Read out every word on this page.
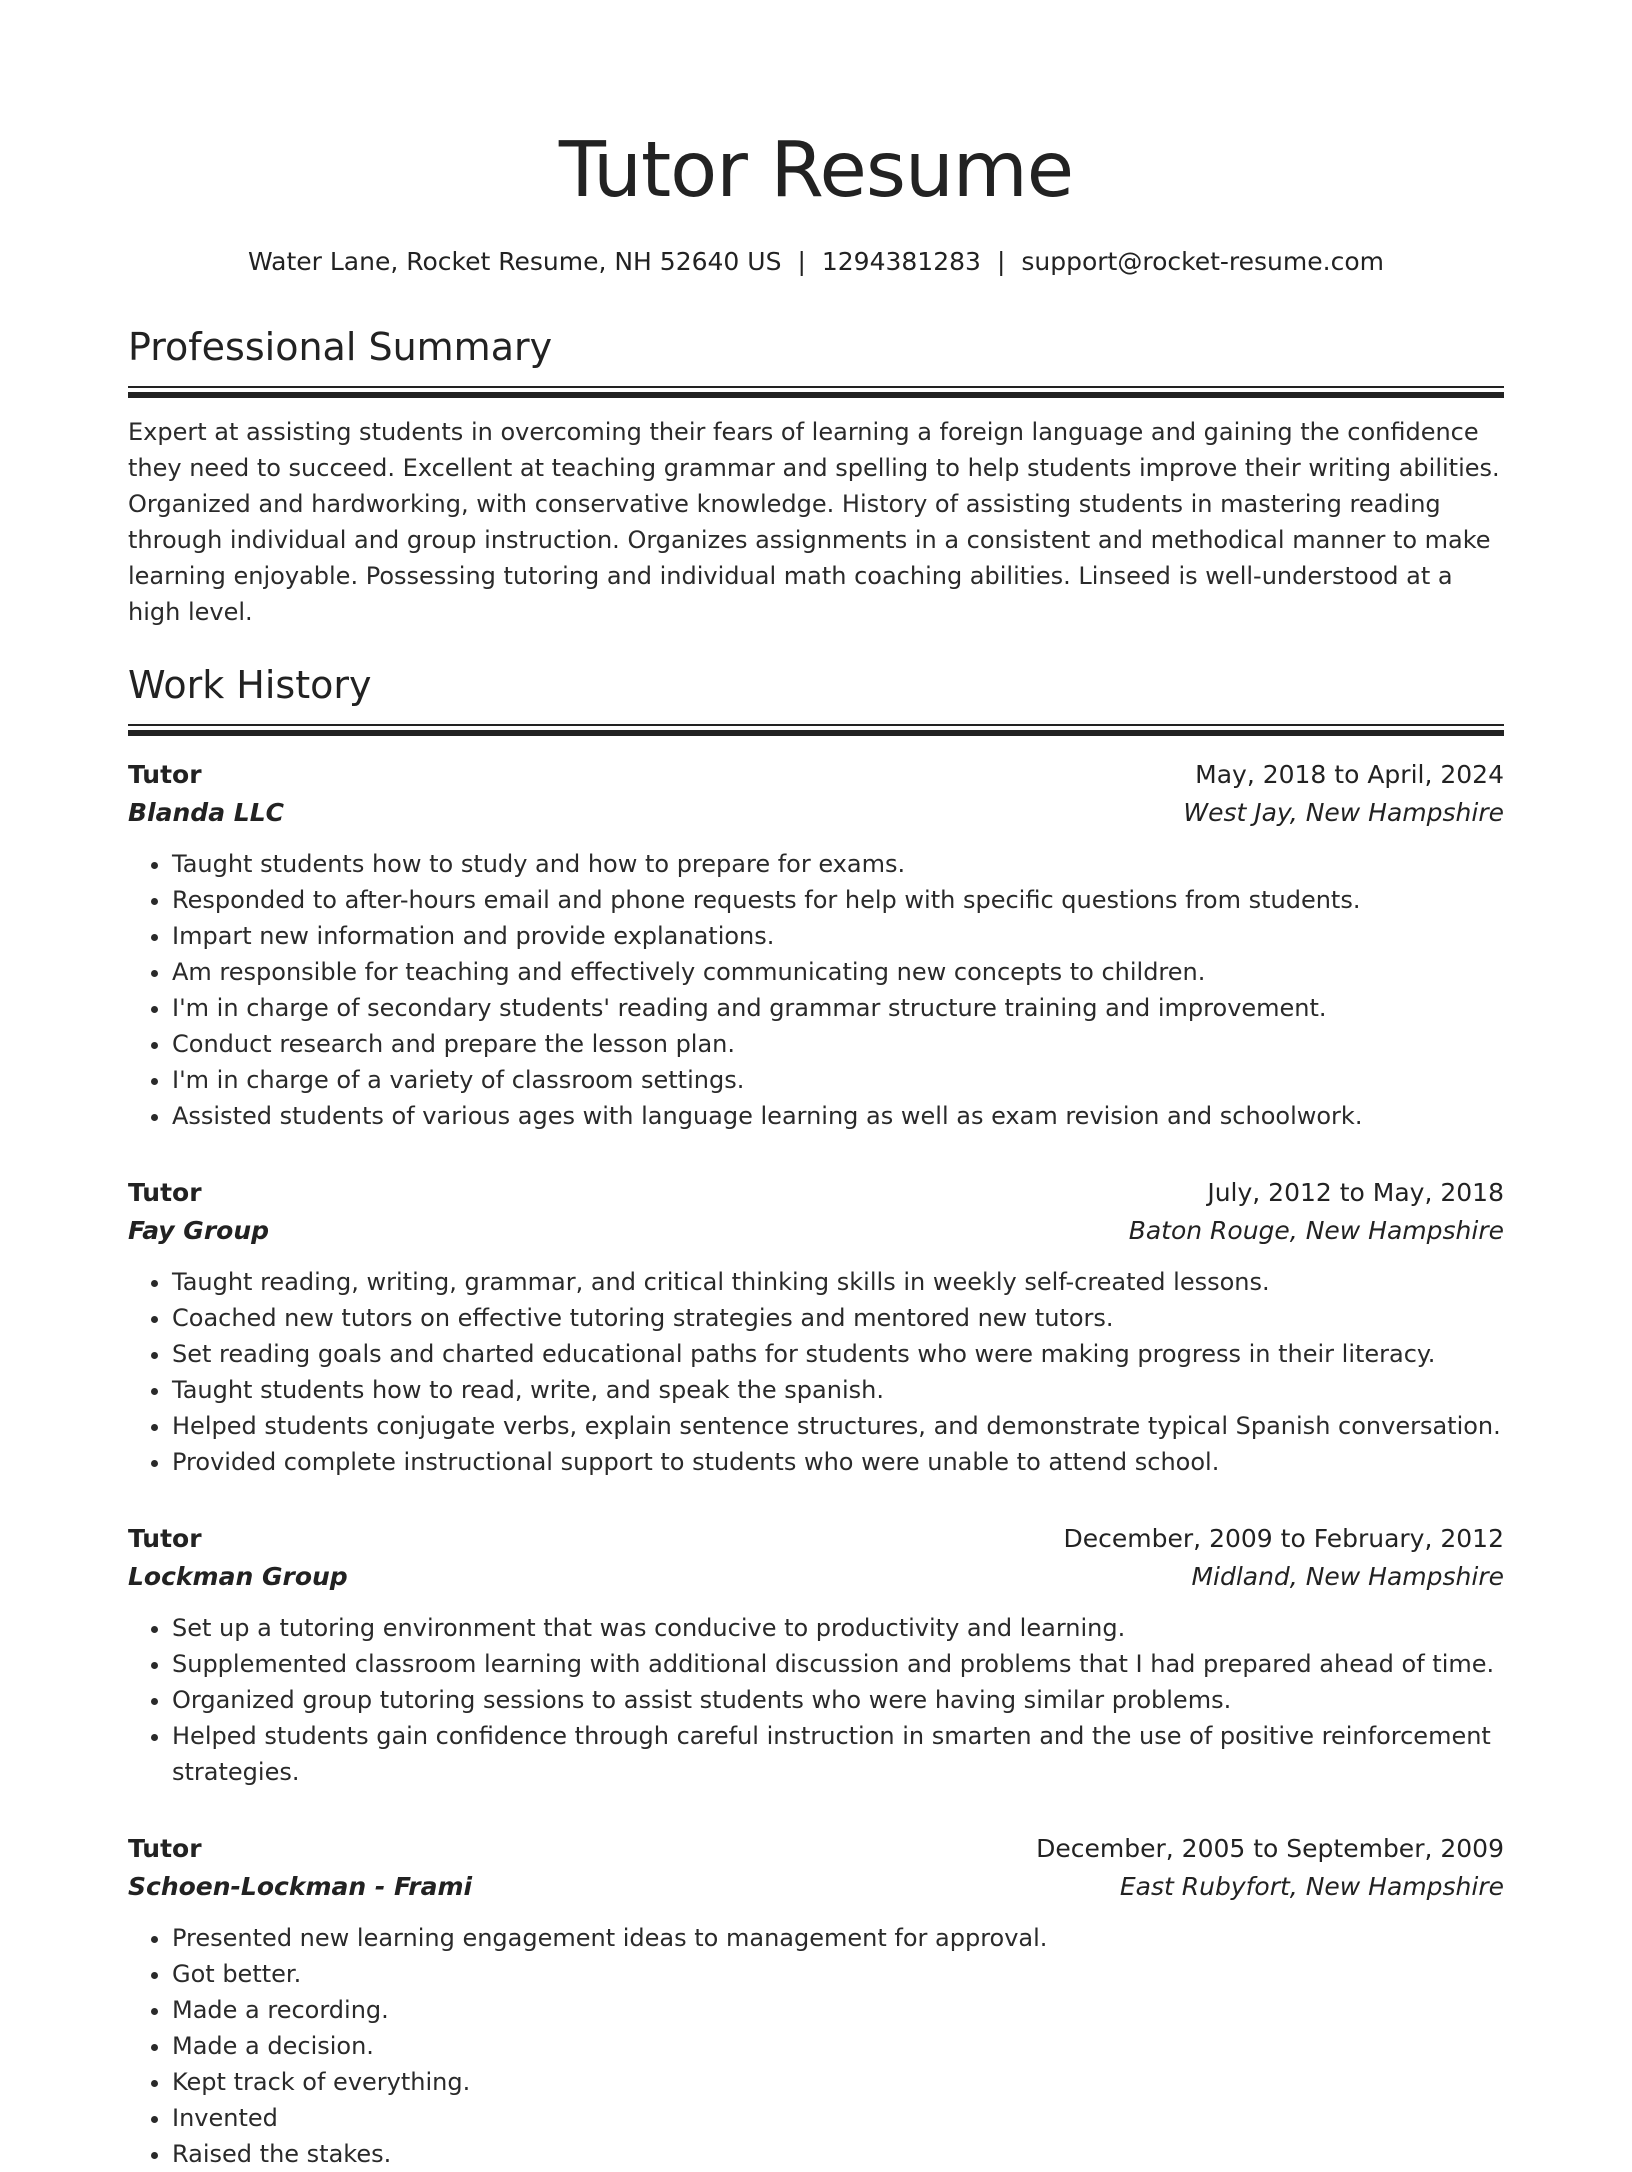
Tutor Resume
Water Lane, Rocket Resume, NH 52640 US | 1294381283 | support@rocket-resume.com
Professional Summary
Expert at assisting students in overcoming their fears of learning a foreign language and gaining the confidence they need to succeed. Excellent at teaching grammar and spelling to help students improve their writing abilities. Organized and hardworking, with conservative knowledge. History of assisting students in mastering reading through individual and group instruction. Organizes assignments in a consistent and methodical manner to make learning enjoyable. Possessing tutoring and individual math coaching abilities. Linseed is well-understood at a high level.
Work History
Tutor	May, 2018 to April, 2024
Blanda LLC	West Jay, New Hampshire
• Taught students how to study and how to prepare for exams.
• Responded to after-hours email and phone requests for help with specific questions from students.
• Impart new information and provide explanations.
• Am responsible for teaching and effectively communicating new concepts to children.
• I'm in charge of secondary students' reading and grammar structure training and improvement.
• Conduct research and prepare the lesson plan.
• I'm in charge of a variety of classroom settings.
• Assisted students of various ages with language learning as well as exam revision and schoolwork.
Tutor	July, 2012 to May, 2018
Fay Group	Baton Rouge, New Hampshire
• Taught reading, writing, grammar, and critical thinking skills in weekly self-created lessons.
• Coached new tutors on effective tutoring strategies and mentored new tutors.
• Set reading goals and charted educational paths for students who were making progress in their literacy.
• Taught students how to read, write, and speak the spanish.
• Helped students conjugate verbs, explain sentence structures, and demonstrate typical Spanish conversation.
• Provided complete instructional support to students who were unable to attend school.
Tutor	December, 2009 to February, 2012
Lockman Group	Midland, New Hampshire
• Set up a tutoring environment that was conducive to productivity and learning.
• Supplemented classroom learning with additional discussion and problems that I had prepared ahead of time.
• Organized group tutoring sessions to assist students who were having similar problems.
• Helped students gain confidence through careful instruction in smarten and the use of positive reinforcement strategies.
Tutor	December, 2005 to September, 2009
Schoen-Lockman - Frami	East Rubyfort, New Hampshire
• Presented new learning engagement ideas to management for approval.
• Got better.
• Made a recording.
• Made a decision.
• Kept track of everything.
• Invented
• Raised the stakes.
